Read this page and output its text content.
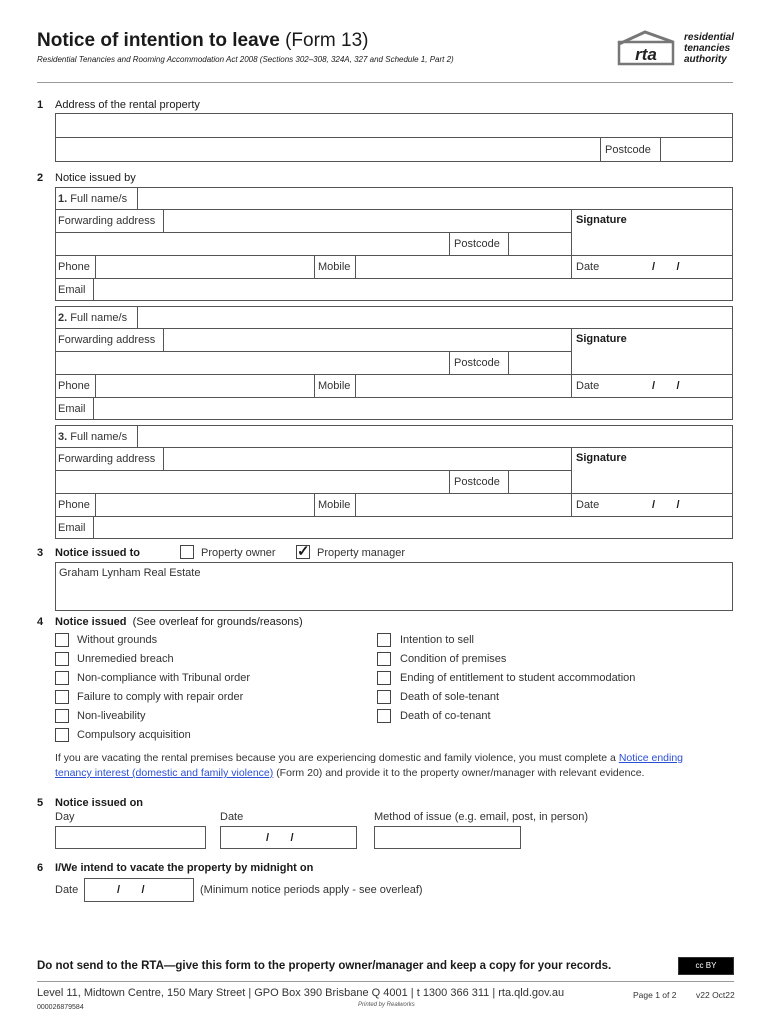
Notice of intention to leave (Form 13)
Residential Tenancies and Rooming Accommodation Act 2008 (Sections 302–308, 324A, 327 and Schedule 1, Part 2)	rta
residential
tenancies
authority
1 Address of the rental property
Postcode
2 Notice issued by
1. Full name/s
Forwarding address	Signature
Postcode
Phone	Mobile	Date	/       /
Email
2. Full name/s
Forwarding address	Signature
Postcode
Phone	Mobile	Date	/       /
Email
3. Full name/s
Forwarding address	Signature
Postcode
Phone	Mobile	Date	/       /
Email
3 Notice issued to	Property owner ✓ Property manager
Graham Lynham Real Estate
4 Notice issued (See overleaf for grounds/reasons)
Without grounds
Unremedied breach
Non-compliance with Tribunal order
Failure to comply with repair order
Non-liveability
Compulsory acquisition
Intention to sell
Condition of premises
Ending of entitlement to student accommodation
Death of sole-tenant
Death of co-tenant
If you are vacating the rental premises because you are experiencing domestic and family violence, you must complete a Notice ending
tenancy interest (domestic and family violence) (Form 20) and provide it to the property owner/manager with relevant evidence.
5 Notice issued on
Day	Date	Method of issue (e.g. email, post, in person)
/       /
6 I/We intend to vacate the property by midnight on
Date	/       /	(Minimum notice periods apply - see overleaf)
Do not send to the RTA—give this form to the property owner/manager and keep a copy for your records.	cc BY
Level 11, Midtown Centre, 150 Mary Street | GPO Box 390 Brisbane Q 4001 | t 1300 366 311 | rta.qld.gov.au	Page 1 of 2 v22 Oct22
000026879584	Printed by Realworks
